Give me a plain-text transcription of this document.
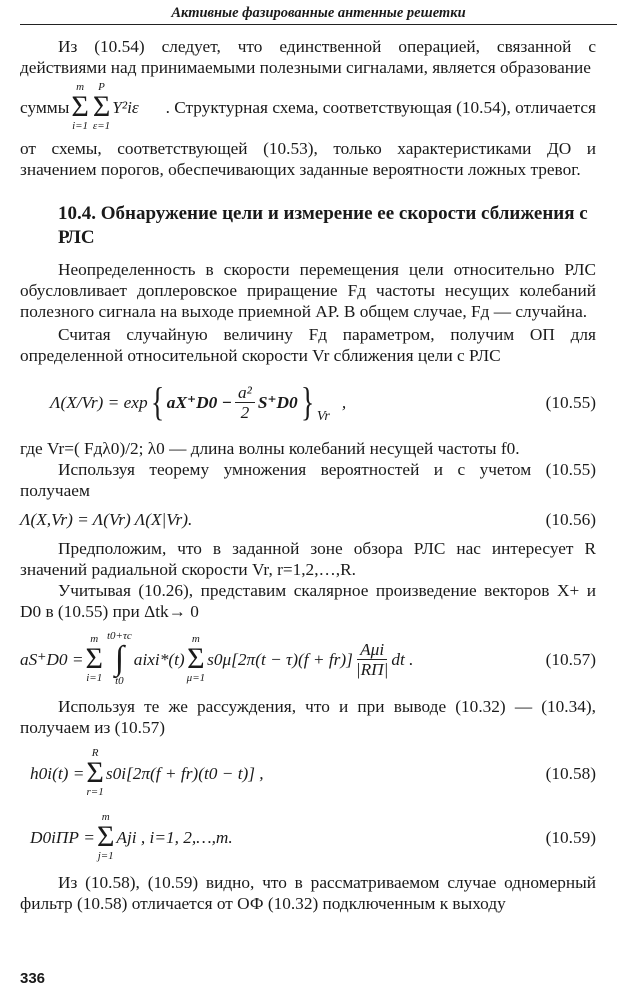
Активные фазированные антенные решетки

Из (10.54) следует, что единственной операцией, связанной с действиями над принимаемыми полезными сигналами, является образование

суммы
m
Σ
i=1
P
Σ
ε=1
Y²iε . Структурная схема, соответствующая (10.54), отличается

от схемы, соответствующей (10.53), только характеристиками ДО и значением порогов, обеспечивающих заданные вероятности ложных тревог.

10.4. Обнаружение цели и измерение ее скорости сближения с РЛС

Неопределенность в скорости перемещения цели относительно РЛС обусловливает доплеровское приращение Fд частоты несущих колебаний полезного сигнала на выходе приемной АР. В общем случае, Fд — случайна.

Считая случайную величину Fд параметром, получим ОП для определенной относительной скорости Vr сближения цели с РЛС

Λ(X/Vr) = exp { $aX^+D0 - \frac{\text{a²}}{2} S^+D0$ } Vr
,	(10.55)

где Vr=( Fдλ0)/2; λ0 — длина волны колебаний несущей частоты f0.

Используя теорему умножения вероятностей и с учетом (10.55) получаем

Λ(X,Vr) = Λ(Vr) Λ(X|Vr).	(10.56)

Предположим, что в заданной зоне обзора РЛС нас интересует R значений радиальной скорости Vr, r=1,2,…,R.

Учитывая (10.26), представим скалярное произведение векторов X+ и D0 в (10.55) при Δtk→ 0

aS⁺D0 =
m
Σ
i=1
t0+τc
∫
t0
aixi*(t)
m
Σ
μ=1
$s0\mu[2\pi(t - \tau)(f + fr)] \frac{\text{Aμi}}{|RП|}$ dt .	(10.57)

Используя те же рассуждения, что и при выводе (10.32) — (10.34), получаем из (10.57)

h0i(t) =
R
Σ
r=1
s0i[2π(f + fr)(t0 − t)] ,	(10.58)
D0iПР =
m
Σ
j=1
Aji , i=1, 2,…,m.	(10.59)

Из (10.58), (10.59) видно, что в рассматриваемом случае одномерный фильтр (10.58) отличается от ОФ (10.32) подключенным к выходу

336
